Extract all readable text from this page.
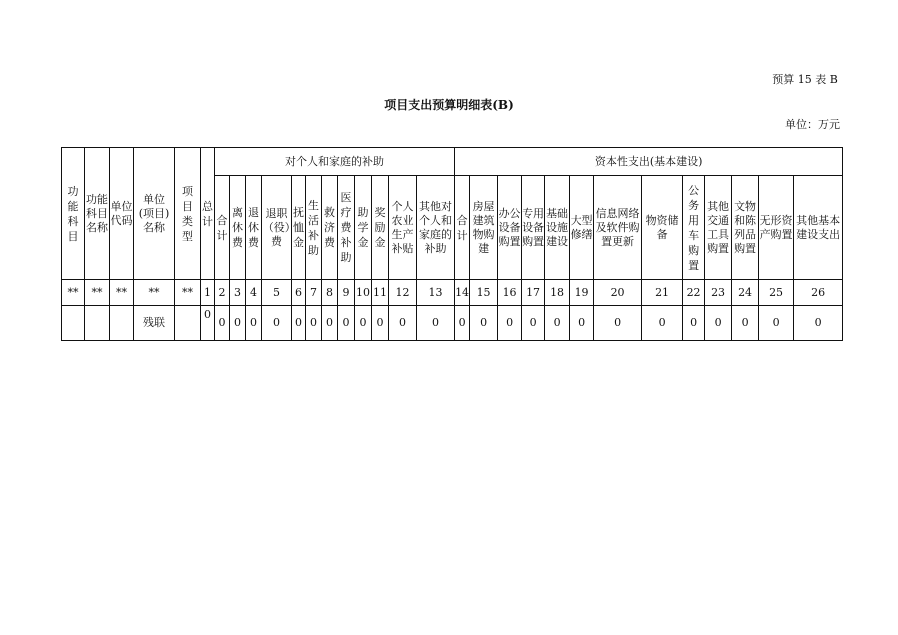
预算 15 表 B
项目支出预算明细表(B)
单位：万元
功能科目	功能科目名称	单位代码	单位
(项目)
名称	项目类型	总计	对个人和家庭的补助												资本性支出(基本建设)												
						合计	离休费	退休费	退职（役）费	抚恤金	生活补助	救济费	医疗费补助	助学金	奖励金	个人农业生产补贴	其他对个人和家庭的补助	合计	房屋建筑物购建	办公设备购置	专用设备购置	基础设施建设	大型修缮	信息网络及软件购置更新	物资储备	公务用车购置	其他交通工具购置	文物和陈列品购置	无形资产购置	其他基本建设支出
**	**	**	**	**	1	2	3	4	5	6	7	8	9	10	11	12	13	14	15	16	17	18	19	20	21	22	23	24	25	26
			残联		0	0	0	0	0	0	0	0	0	0	0	0	0	0	0	0	0	0	0	0	0	0	0	0	0	0
